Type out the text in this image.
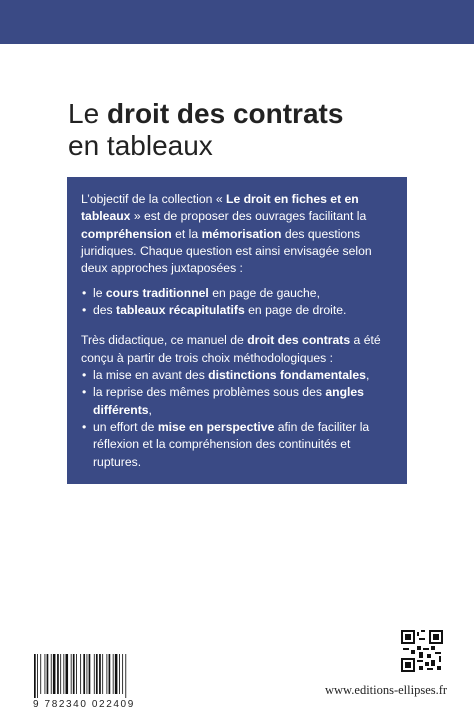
Le droit des contrats
en tableaux

L’objectif de la collection « Le droit en fiches et en tableaux » est de proposer des ouvrages facilitant la compréhension et la mémorisation des questions juridiques. Chaque question est ainsi envisagée selon deux approches juxtaposées :

• le cours traditionnel en page de gauche,
• des tableaux récapitulatifs en page de droite.

Très didactique, ce manuel de droit des contrats a été conçu à partir de trois choix méthodologiques :

• la mise en avant des distinctions fondamentales,
• la reprise des mêmes problèmes sous des angles différents,
• un effort de mise en perspective afin de faciliter la réflexion et la compréhension des continuités et ruptures.

Il est destiné :

• aux étudiants en licence et master de Droit,
• aux candidats aux concours d’accès du CRFPA et de l’ENM.
9 782340 022409
www.editions-ellipses.fr
